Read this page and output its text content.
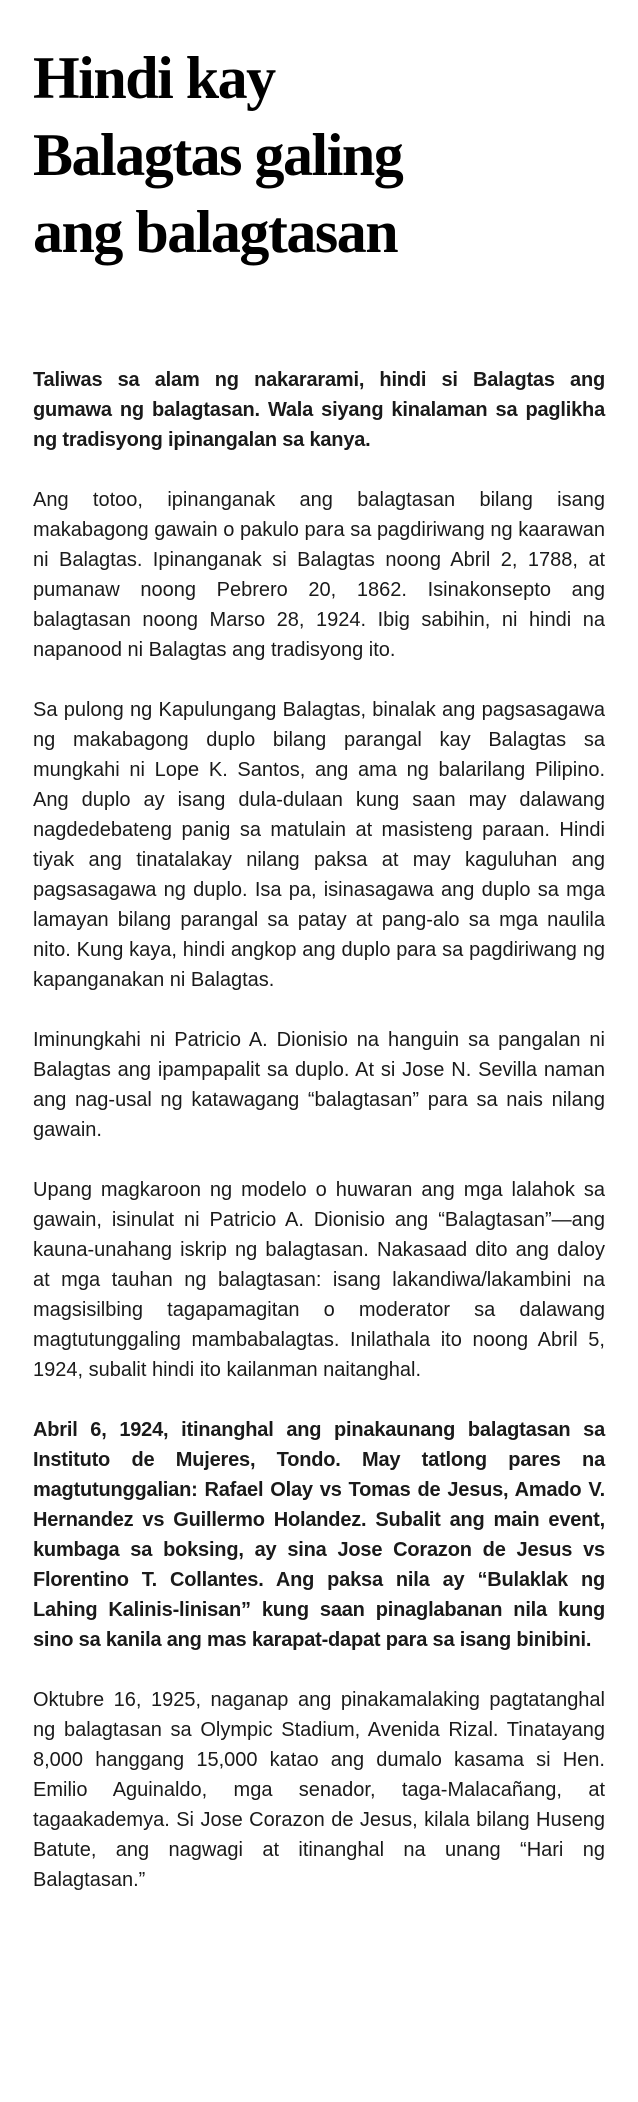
Hindi kay
Balagtas galing
ang balagtasan

Taliwas sa alam ng nakararami, hindi si Balagtas ang gumawa ng balagtasan. Wala siyang kinalaman sa paglikha ng tradisyong ipinangalan sa kanya.

Ang totoo, ipinanganak ang balagtasan bilang isang makabagong gawain o pakulo para sa pagdiriwang ng kaarawan ni Balagtas. Ipinanganak si Balagtas noong Abril 2, 1788, at pumanaw noong Pebrero 20, 1862. Isinakonsepto ang balagtasan noong Marso 28, 1924. Ibig sabihin, ni hindi na napanood ni Balagtas ang tradisyong ito.

Sa pulong ng Kapulungang Balagtas, binalak ang pagsasagawa ng makabagong duplo bilang parangal kay Balagtas sa mungkahi ni Lope K. Santos, ang ama ng balarilang Pilipino. Ang duplo ay isang dula-dulaan kung saan may dalawang nagdedebateng panig sa matulain at masisteng paraan. Hindi tiyak ang tinatalakay nilang paksa at may kaguluhan ang pagsasagawa ng duplo. Isa pa, isinasagawa ang duplo sa mga lamayan bilang parangal sa patay at pang-alo sa mga naulila nito. Kung kaya, hindi angkop ang duplo para sa pagdiriwang ng kapanganakan ni Balagtas.

Iminungkahi ni Patricio A. Dionisio na hanguin sa pangalan ni Balagtas ang ipampapalit sa duplo. At si Jose N. Sevilla naman ang nag-usal ng katawagang “balagtasan” para sa nais nilang gawain.

Upang magkaroon ng modelo o huwaran ang mga lalahok sa gawain, isinulat ni Patricio A. Dionisio ang “Balagtasan”—ang kauna-unahang iskrip ng balagtasan. Nakasaad dito ang daloy at mga tauhan ng balagtasan: isang lakandiwa/lakambini na magsisilbing tagapamagitan o moderator sa dalawang magtutunggaling mambabalagtas. Inilathala ito noong Abril 5, 1924, subalit hindi ito kailanman naitanghal.

Abril 6, 1924, itinanghal ang pinakaunang balagtasan sa Instituto de Mujeres, Tondo. May tatlong pares na magtutunggalian: Rafael Olay vs Tomas de Jesus, Amado V. Hernandez vs Guillermo Holandez. Subalit ang main event, kumbaga sa boksing, ay sina Jose Corazon de Jesus vs Florentino T. Collantes. Ang paksa nila ay “Bulaklak ng Lahing Kalinis-linisan” kung saan pinaglabanan nila kung sino sa kanila ang mas karapat-dapat para sa isang binibini.

Oktubre 16, 1925, naganap ang pinakamalaking pagtatanghal ng balagtasan sa Olympic Stadium, Avenida Rizal. Tinatayang 8,000 hanggang 15,000 katao ang dumalo kasama si Hen. Emilio Aguinaldo, mga senador, taga-Malacañang, at tagaakademya. Si Jose Corazon de Jesus, kilala bilang Huseng Batute, ang nagwagi at itinanghal na unang “Hari ng Balagtasan.”
